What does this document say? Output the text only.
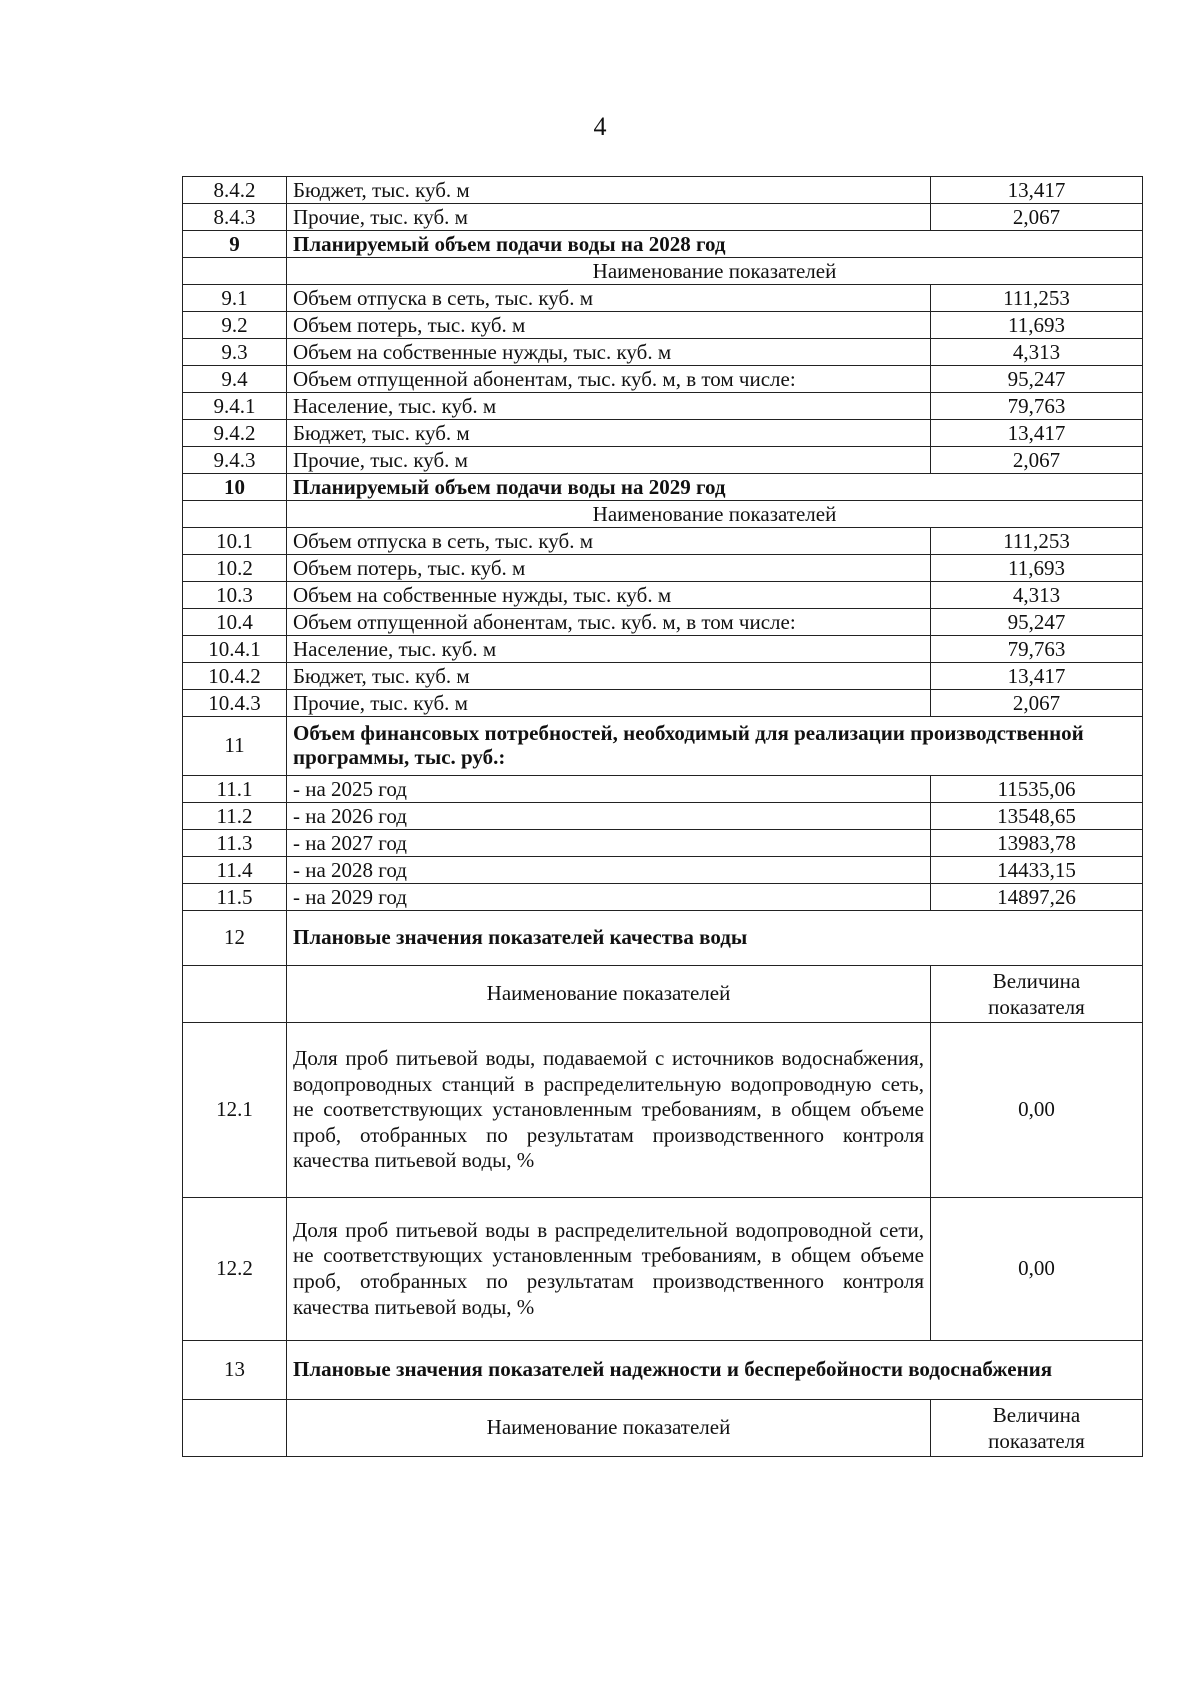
4
8.4.2	Бюджет, тыс. куб. м	13,417
8.4.3	Прочие, тыс. куб. м	2,067
9	Планируемый объем подачи воды на 2028 год	
	Наименование показателей	
9.1	Объем отпуска в сеть, тыс. куб. м	111,253
9.2	Объем потерь, тыс. куб. м	11,693
9.3	Объем на собственные нужды, тыс. куб. м	4,313
9.4	Объем отпущенной абонентам, тыс. куб. м, в том числе:	95,247
9.4.1	Население, тыс. куб. м	79,763
9.4.2	Бюджет, тыс. куб. м	13,417
9.4.3	Прочие, тыс. куб. м	2,067
10	Планируемый объем подачи воды на 2029 год	
	Наименование показателей	
10.1	Объем отпуска в сеть, тыс. куб. м	111,253
10.2	Объем потерь, тыс. куб. м	11,693
10.3	Объем на собственные нужды, тыс. куб. м	4,313
10.4	Объем отпущенной абонентам, тыс. куб. м, в том числе:	95,247
10.4.1	Население, тыс. куб. м	79,763
10.4.2	Бюджет, тыс. куб. м	13,417
10.4.3	Прочие, тыс. куб. м	2,067
11	Объем финансовых потребностей, необходимый для реализации производственной программы, тыс. руб.:	
11.1	- на 2025 год	11535,06
11.2	- на 2026 год	13548,65
11.3	- на 2027 год	13983,78
11.4	- на 2028 год	14433,15
11.5	- на 2029 год	14897,26
12	Плановые значения показателей качества воды	
	Наименование показателей	Величина
показателя
12.1	Доля проб питьевой воды, подаваемой с источников водоснабжения, водопроводных станций в распределительную водопроводную сеть, не соответствующих установленным требованиям, в общем объеме проб, отобранных по результатам производственного контроля качества питьевой воды, %	0,00
12.2	Доля проб питьевой воды в распределительной водопроводной сети, не соответствующих установленным требованиям, в общем объеме проб, отобранных по результатам производственного контроля качества питьевой воды, %	0,00
13	Плановые значения показателей надежности и бесперебойности водоснабжения	
	Наименование показателей	Величина
показателя
